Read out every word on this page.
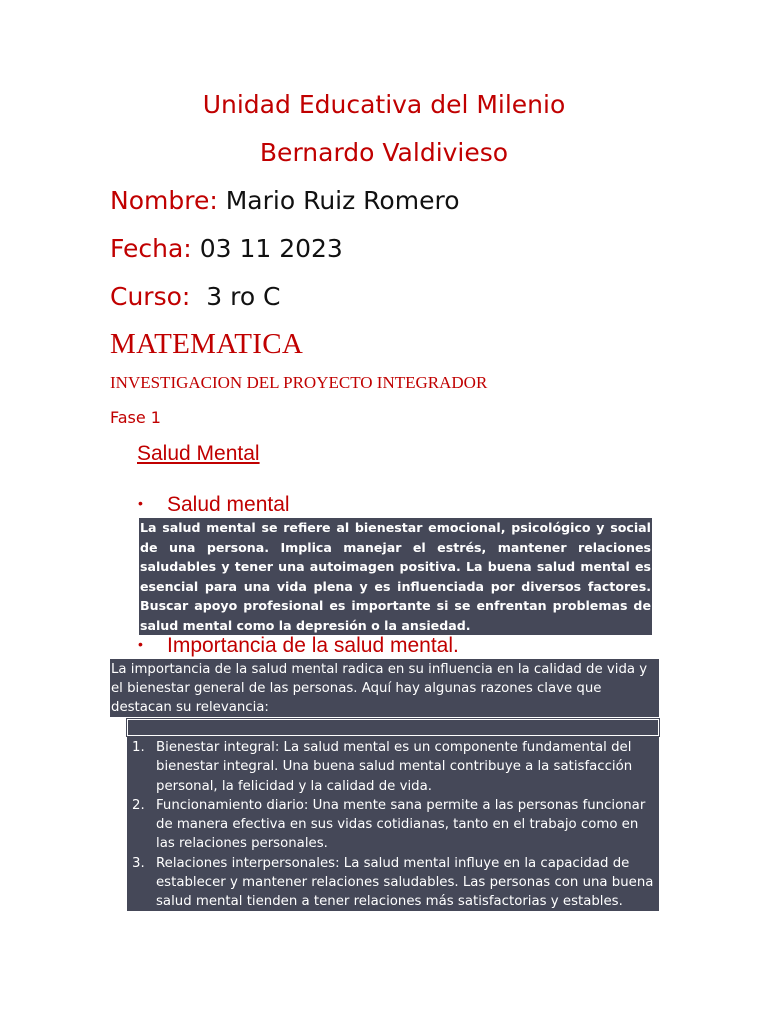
Unidad Educativa del Milenio
Bernardo Valdivieso
Nombre: Mario Ruiz Romero
Fecha: 03 11 2023
Curso: 3 ro C
MATEMATICA
INVESTIGACION DEL PROYECTO INTEGRADOR
Fase 1
Salud Mental
• Salud mental

La salud mental se refiere al bienestar emocional, psicológico y social de una persona. Implica manejar el estrés, mantener relaciones saludables y tener una autoimagen positiva. La buena salud mental es esencial para una vida plena y es influenciada por diversos factores. Buscar apoyo profesional es importante si se enfrentan problemas de salud mental como la depresión o la ansiedad.

• Importancia de la salud mental.

La importancia de la salud mental radica en su influencia en la calidad de vida y el bienestar general de las personas. Aquí hay algunas razones clave que destacan su relevancia:

1. Bienestar integral: La salud mental es un componente fundamental del bienestar integral. Una buena salud mental contribuye a la satisfacción personal, la felicidad y la calidad de vida.
2. Funcionamiento diario: Una mente sana permite a las personas funcionar de manera efectiva en sus vidas cotidianas, tanto en el trabajo como en las relaciones personales.
3. Relaciones interpersonales: La salud mental influye en la capacidad de establecer y mantener relaciones saludables. Las personas con una buena salud mental tienden a tener relaciones más satisfactorias y estables.
